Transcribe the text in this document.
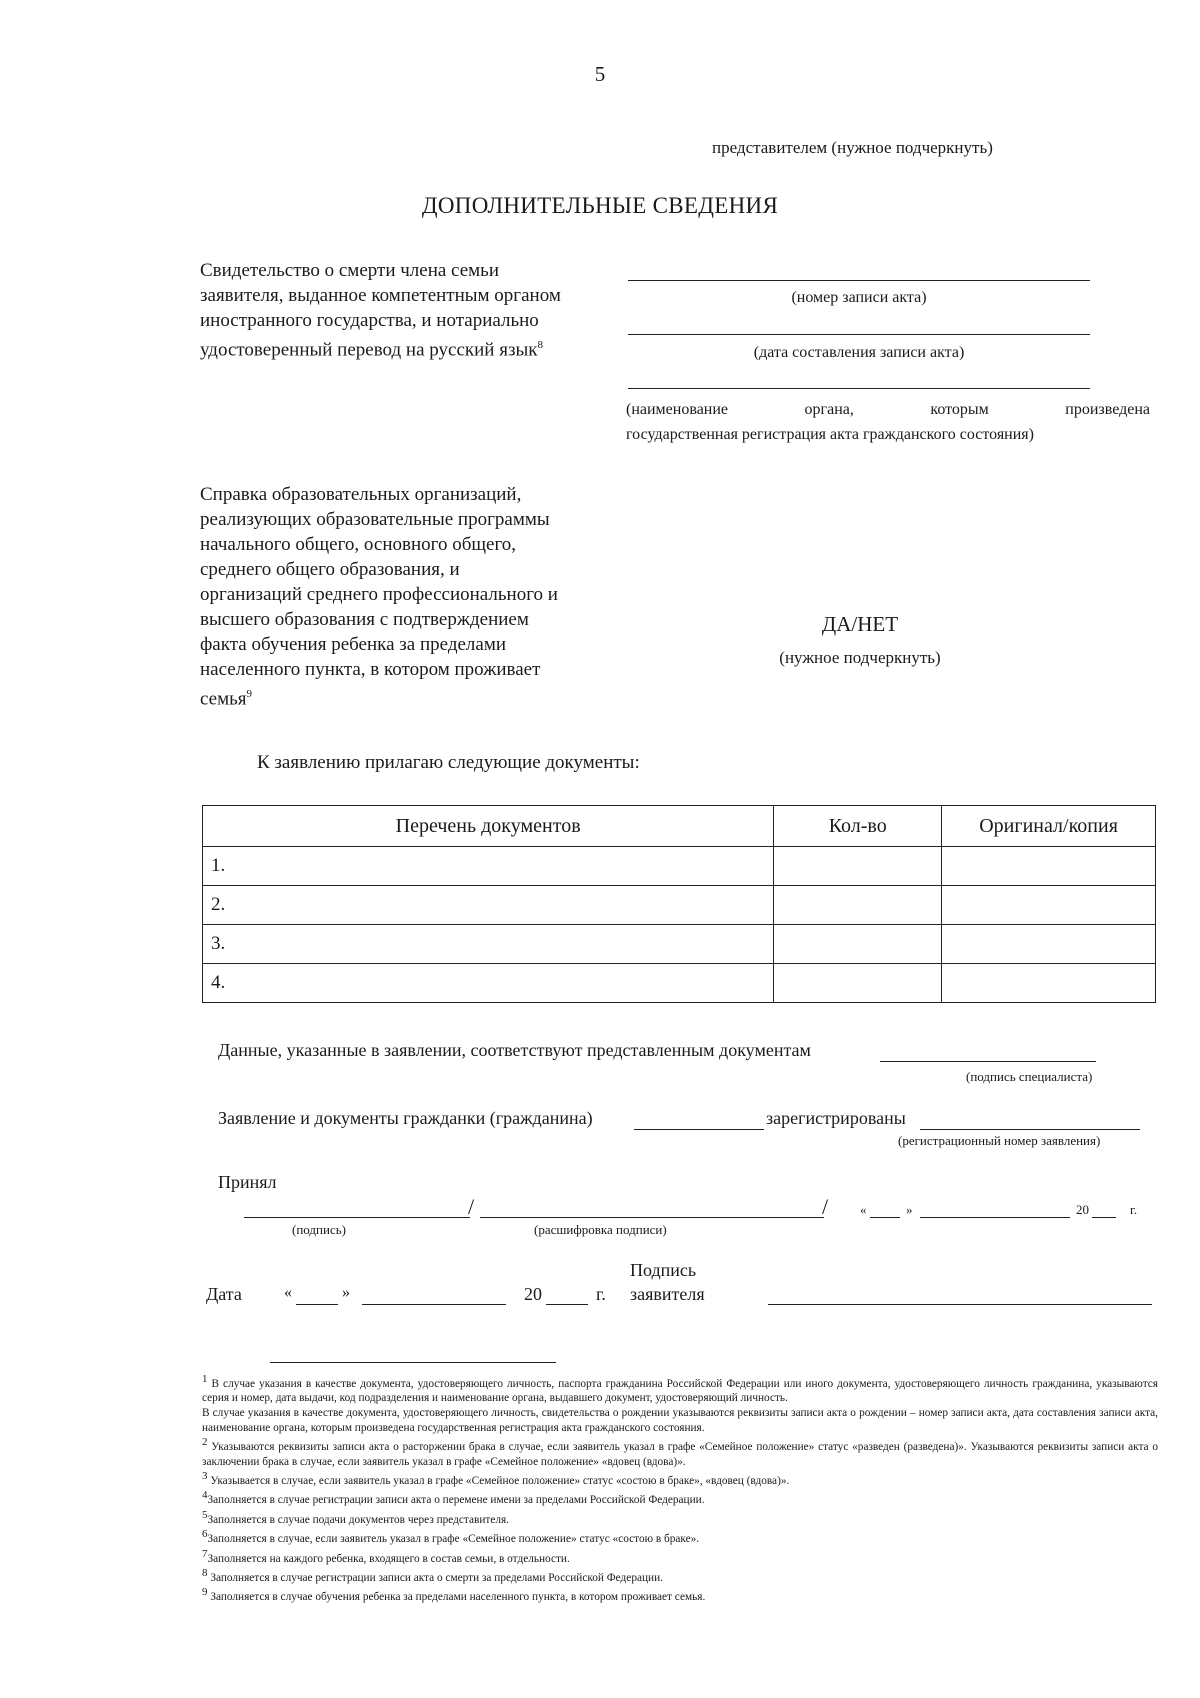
5
представителем (нужное подчеркнуть)
ДОПОЛНИТЕЛЬНЫЕ СВЕДЕНИЯ
Свидетельство о смерти члена семьи
заявителя, выданное компетентным органом
иностранного государства, и нотариально
удостоверенный перевод на русский язык$^8$
(номер записи акта)
(дата составления записи акта)
(наименование органа, которым произведена
государственная регистрация акта гражданского состояния)
Справка образовательных организаций,
реализующих образовательные программы
начального общего, основного общего,
среднего общего образования, и
организаций среднего профессионального и
высшего образования с подтверждением
факта обучения ребенка за пределами
населенного пункта, в котором проживает
семья$^9$
ДА/НЕТ
(нужное подчеркнуть)
К заявлению прилагаю следующие документы:
Перечень документов	Кол-во	Оригинал/копия
1.		
2.		
3.		
4.		
Данные, указанные в заявлении, соответствуют представленным документам
(подпись специалиста)
Заявление и документы гражданки (гражданина)	зарегистрированы
(регистрационный номер заявления)
Принял
/	/
(подпись)	(расшифровка подписи)
«	»	20	г.
Дата	«	»	20	г.
Подпись
заявителя

$^1$ В случае указания в качестве документа, удостоверяющего личность, паспорта гражданина Российской Федерации или иного документа, удостоверяющего личность гражданина, указываются серия и номер, дата выдачи, код подразделения и наименование органа, выдавшего документ, удостоверяющий личность.

В случае указания в качестве документа, удостоверяющего личность, свидетельства о рождении указываются реквизиты записи акта о рождении – номер записи акта, дата составления записи акта, наименование органа, которым произведена государственная регистрация акта гражданского состояния.

$^2$ Указываются реквизиты записи акта о расторжении брака в случае, если заявитель указал в графе «Семейное положение» статус «разведен (разведена)». Указываются реквизиты записи акта о заключении брака в случае, если заявитель указал в графе «Семейное положение» «вдовец (вдова)».

$^3$ Указывается в случае, если заявитель указал в графе «Семейное положение» статус «состою в браке», «вдовец (вдова)».

$^4$Заполняется в случае регистрации записи акта о перемене имени за пределами Российской Федерации.

$^5$Заполняется в случае подачи документов через представителя.

$^6$Заполняется в случае, если заявитель указал в графе «Семейное положение» статус «состою в браке».

$^7$Заполняется на каждого ребенка, входящего в состав семьи, в отдельности.

$^8$ Заполняется в случае регистрации записи акта о смерти за пределами Российской Федерации.

$^9$ Заполняется в случае обучения ребенка за пределами населенного пункта, в котором проживает семья.
